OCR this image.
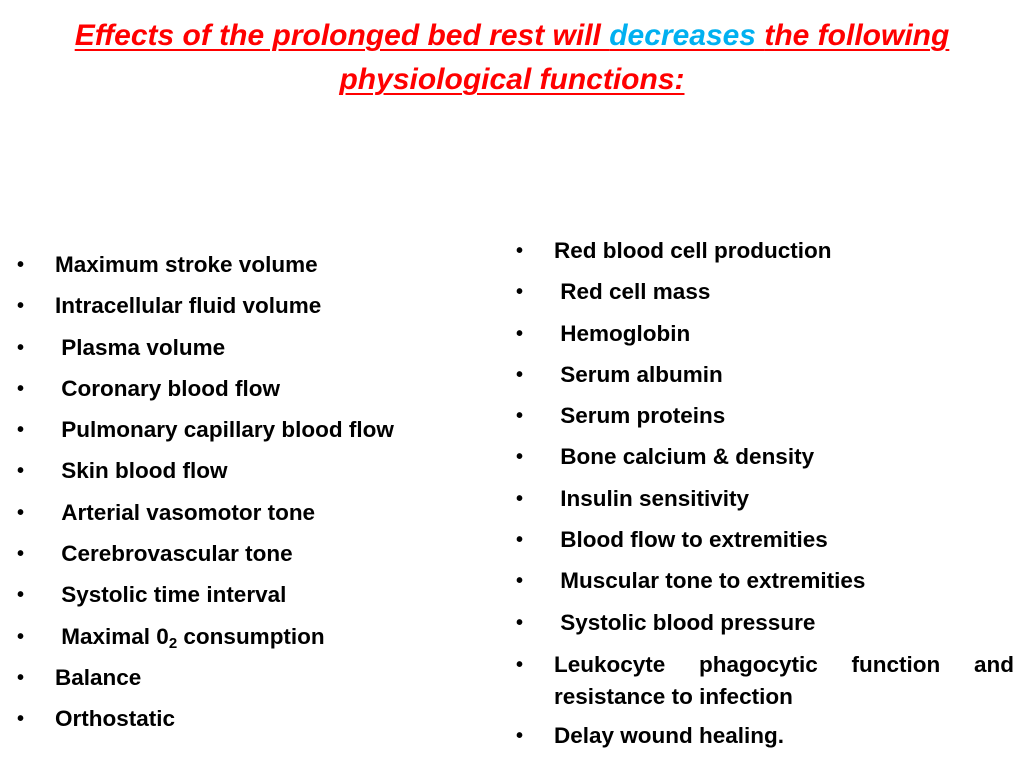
Effects of the prolonged bed rest will decreases the following physiological functions:
•	Maximum stroke volume
•	Intracellular fluid volume
•	Plasma volume
•	Coronary blood flow
•	Pulmonary capillary blood flow
•	Skin blood flow
•	Arterial vasomotor tone
•	Cerebrovascular tone
•	Systolic time interval
•	Maximal $0_2$ consumption
•	Balance
•	Orthostatic
•	Red blood cell production
•	Red cell mass
•	Hemoglobin
•	Serum albumin
•	Serum proteins
•	Bone calcium & density
•	Insulin sensitivity
•	Blood flow to extremities
•	Muscular tone to extremities
•	Systolic blood pressure
•	Leukocyte phagocytic function and resistance to infection
•	Delay wound healing.
